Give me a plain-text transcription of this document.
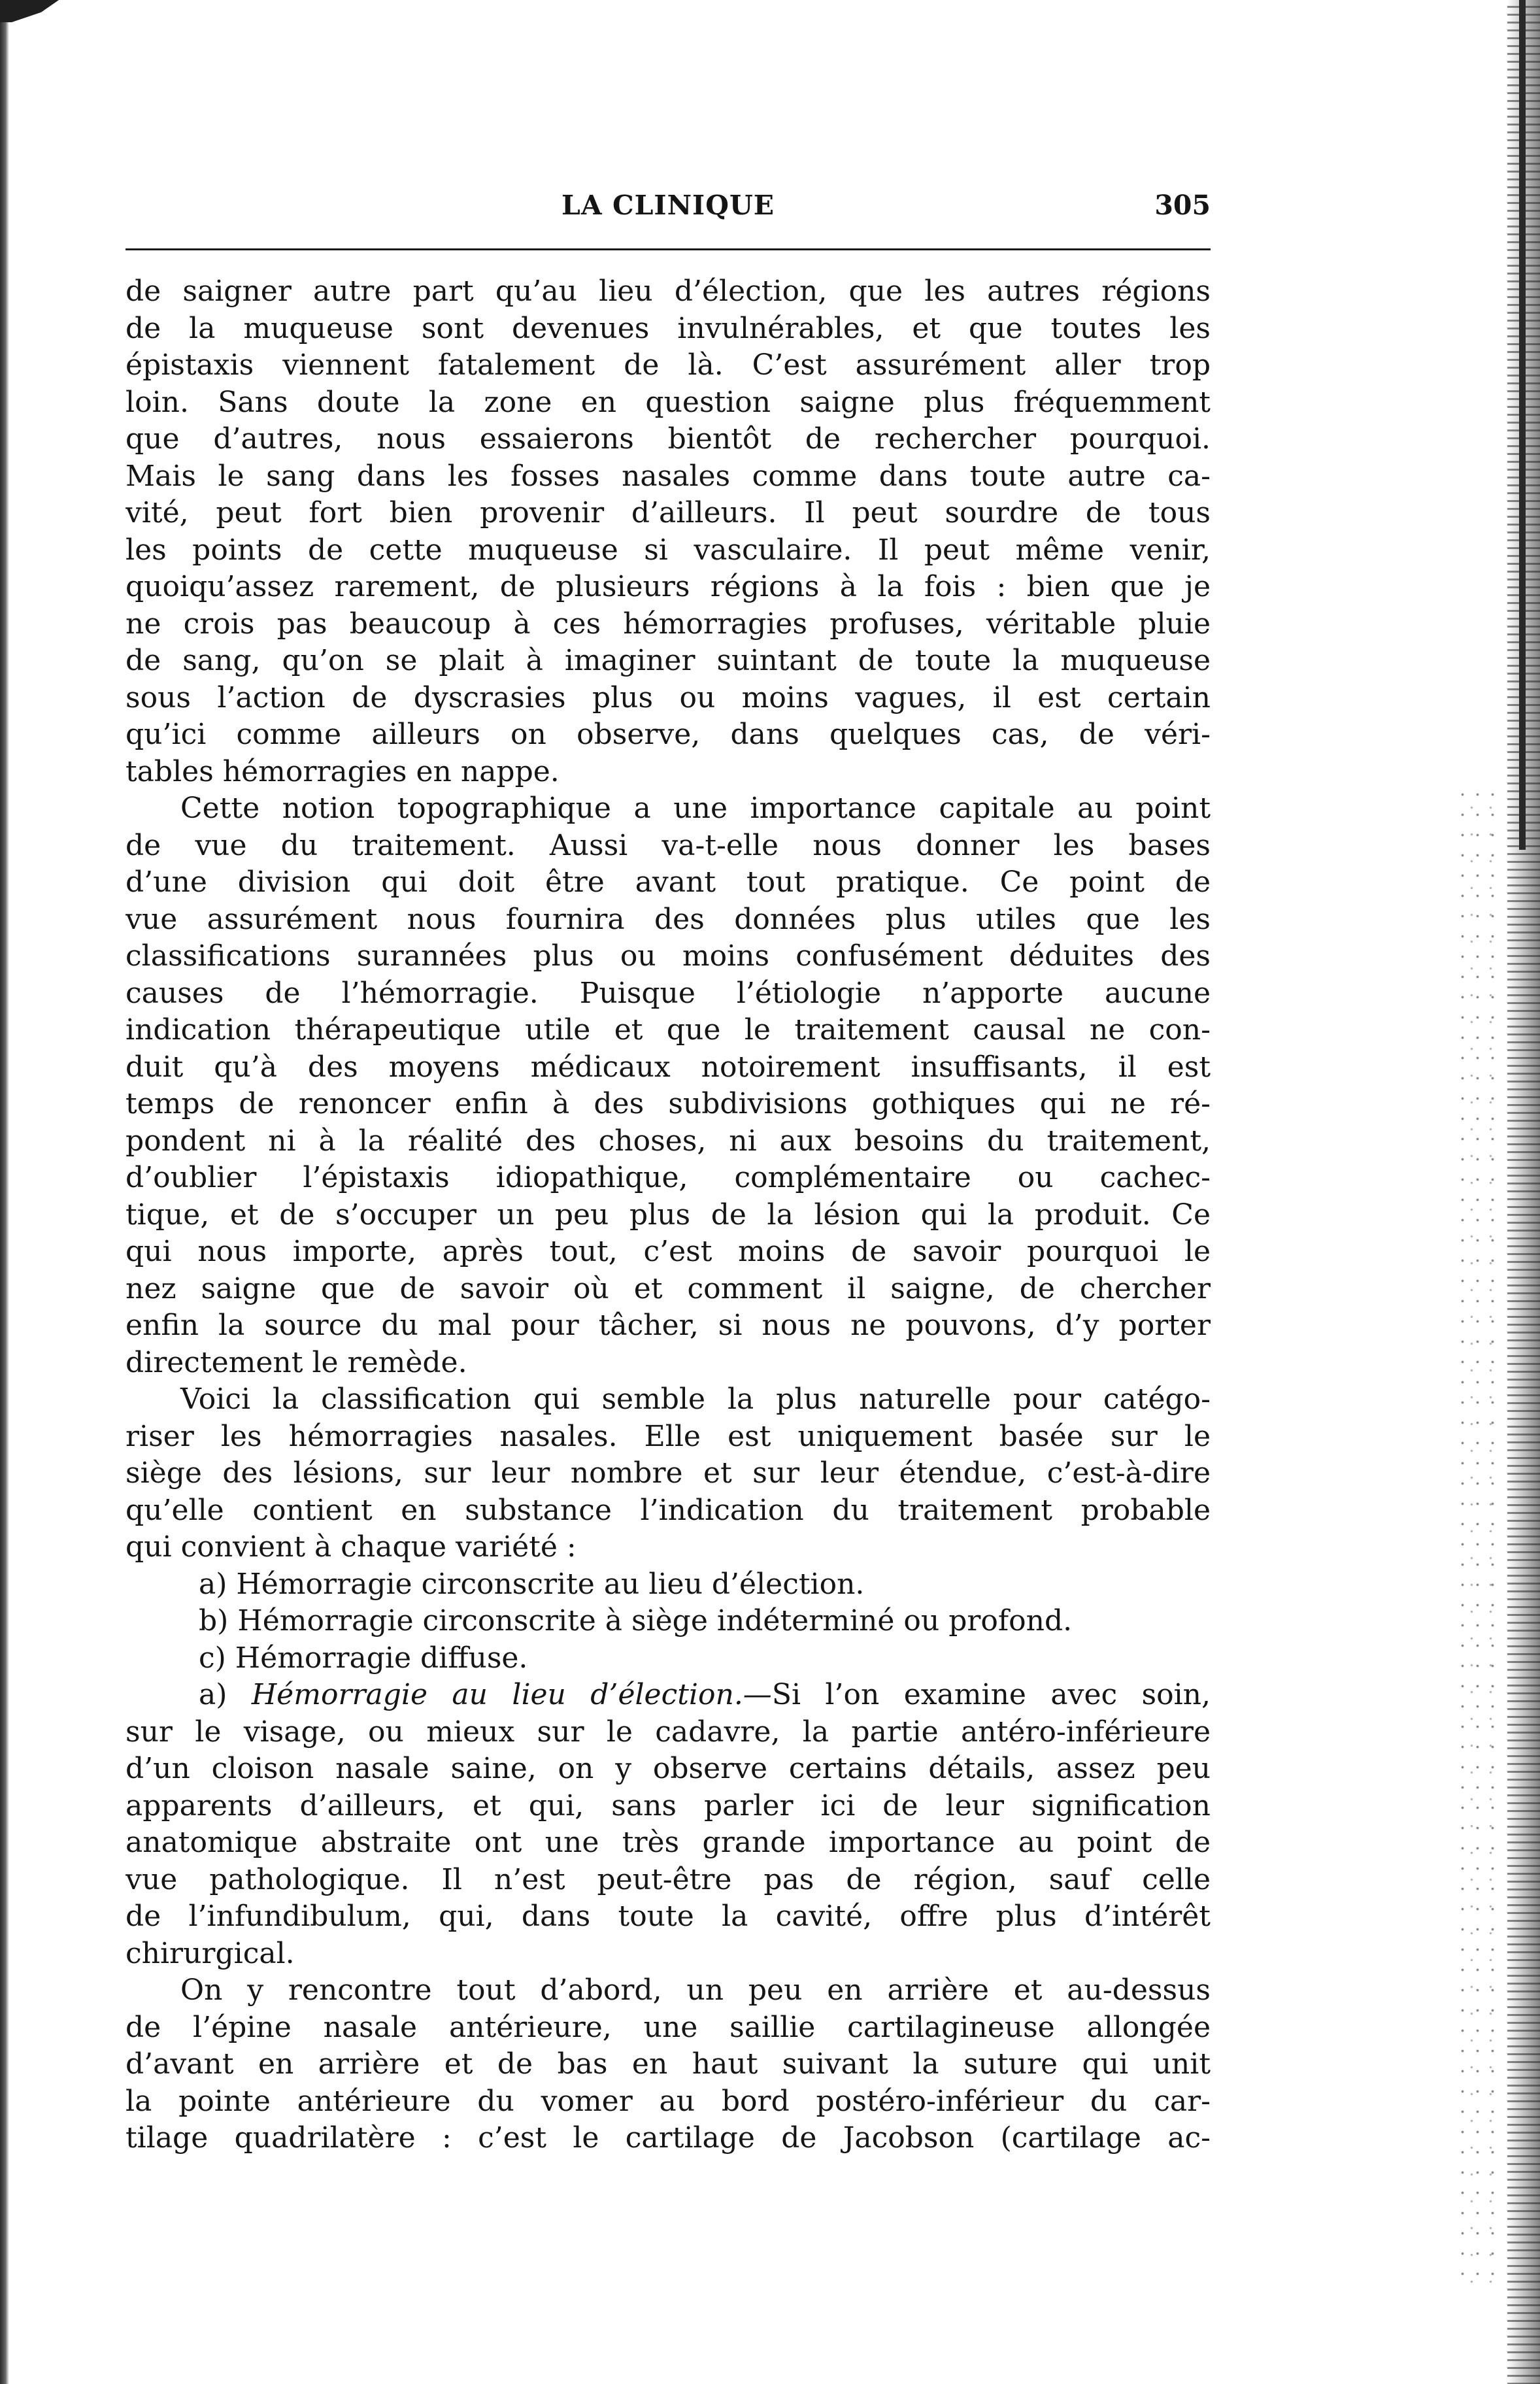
LA CLINIQUE	305
de saigner autre part qu’au lieu d’élection, que les autres régions
de la muqueuse sont devenues invulnérables, et que toutes les
épistaxis viennent fatalement de là. C’est assurément aller trop
loin. Sans doute la zone en question saigne plus fréquemment
que d’autres, nous essaierons bientôt de rechercher pourquoi.
Mais le sang dans les fosses nasales comme dans toute autre ca-
vité, peut fort bien provenir d’ailleurs. Il peut sourdre de tous
les points de cette muqueuse si vasculaire. Il peut même venir,
quoiqu’assez rarement, de plusieurs régions à la fois : bien que je
ne crois pas beaucoup à ces hémorragies profuses, véritable pluie
de sang, qu’on se plait à imaginer suintant de toute la muqueuse
sous l’action de dyscrasies plus ou moins vagues, il est certain
qu’ici comme ailleurs on observe, dans quelques cas, de véri-
tables hémorragies en nappe.
Cette notion topographique a une importance capitale au point
de vue du traitement. Aussi va-t-elle nous donner les bases
d’une division qui doit être avant tout pratique. Ce point de
vue assurément nous fournira des données plus utiles que les
classifications surannées plus ou moins confusément déduites des
causes de l’hémorragie. Puisque l’étiologie n’apporte aucune
indication thérapeutique utile et que le traitement causal ne con-
duit qu’à des moyens médicaux notoirement insuffisants, il est
temps de renoncer enfin à des subdivisions gothiques qui ne ré-
pondent ni à la réalité des choses, ni aux besoins du traitement,
d’oublier l’épistaxis idiopathique, complémentaire ou cachec-
tique, et de s’occuper un peu plus de la lésion qui la produit. Ce
qui nous importe, après tout, c’est moins de savoir pourquoi le
nez saigne que de savoir où et comment il saigne, de chercher
enfin la source du mal pour tâcher, si nous ne pouvons, d’y porter
directement le remède.
Voici la classification qui semble la plus naturelle pour catégo-
riser les hémorragies nasales. Elle est uniquement basée sur le
siège des lésions, sur leur nombre et sur leur étendue, c’est-à-dire
qu’elle contient en substance l’indication du traitement probable
qui convient à chaque variété :
a) Hémorragie circonscrite au lieu d’élection.
b) Hémorragie circonscrite à siège indéterminé ou profond.
c) Hémorragie diffuse.
a) Hémorragie au lieu d’élection.—Si l’on examine avec soin,
sur le visage, ou mieux sur le cadavre, la partie antéro-inférieure
d’un cloison nasale saine, on y observe certains détails, assez peu
apparents d’ailleurs, et qui, sans parler ici de leur signification
anatomique abstraite ont une très grande importance au point de
vue pathologique. Il n’est peut-être pas de région, sauf celle
de l’infundibulum, qui, dans toute la cavité, offre plus d’intérêt
chirurgical.
On y rencontre tout d’abord, un peu en arrière et au-dessus
de l’épine nasale antérieure, une saillie cartilagineuse allongée
d’avant en arrière et de bas en haut suivant la suture qui unit
la pointe antérieure du vomer au bord postéro-inférieur du car-
tilage quadrilatère : c’est le cartilage de Jacobson (cartilage ac-
